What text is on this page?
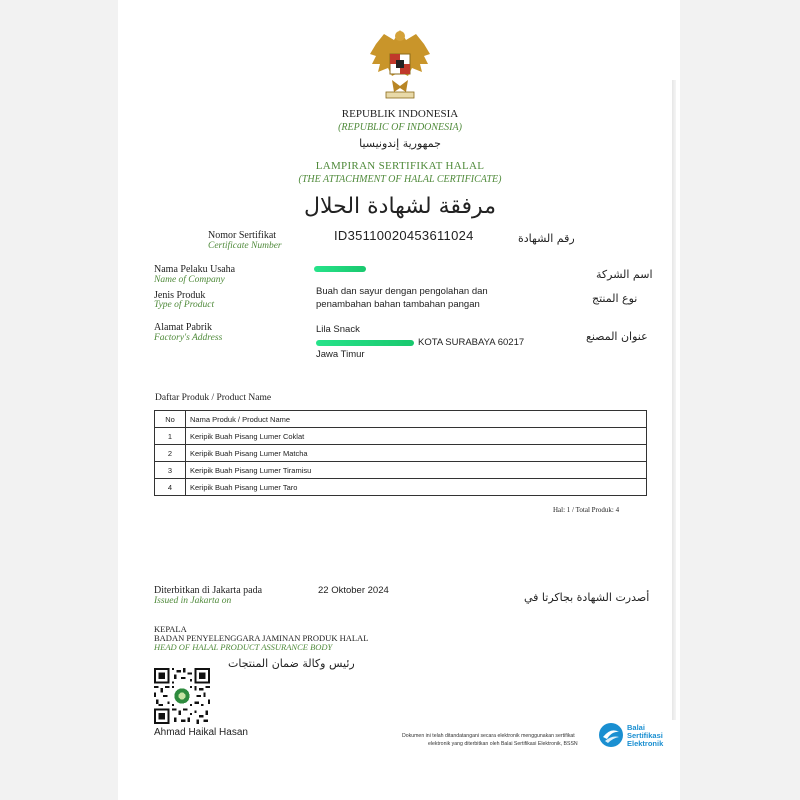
REPUBLIK INDONESIA
(REPUBLIC OF INDONESIA)
جمهورية إندونيسيا
LAMPIRAN SERTIFIKAT HALAL
(THE ATTACHMENT OF HALAL CERTIFICATE)
مرفقة لشهادة الحلال
Nomor Sertifikat
Certificate Number
ID35110020453611024	رقم الشهادة
Nama Pelaku Usaha
Name of Company	اسم الشركة
Jenis Produk
Type of Product
Buah dan sayur dengan pengolahan dan
penambahan bahan tambahan pangan	نوع المنتج
Alamat Pabrik
Factory's Address
Lila Snack
KOTA SURABAYA 60217
Jawa Timur
عنوان المصنع
Daftar Produk / Product Name
No	Nama Produk / Product Name
1	Keripik Buah Pisang Lumer Coklat
2	Keripik Buah Pisang Lumer Matcha
3	Keripik Buah Pisang Lumer Tiramisu
4	Keripik Buah Pisang Lumer Taro
Hal: 1 / Total Produk: 4
Diterbitkan di Jakarta pada
Issued in Jakarta on
22 Oktober 2024
أصدرت الشهادة بجاكرتا في
KEPALA
BADAN PENYELENGGARA JAMINAN PRODUK HALAL
HEAD OF HALAL PRODUCT ASSURANCE BODY
رئيس وكالة ضمان المنتجات
Ahmad Haikal Hasan	Dokumen ini telah ditandatangani secara elektronik menggunakan sertifikat
elektronik yang diterbitkan oleh Balai Sertifikasi Elektronik, BSSN
Balai
Sertifikasi
Elektronik
